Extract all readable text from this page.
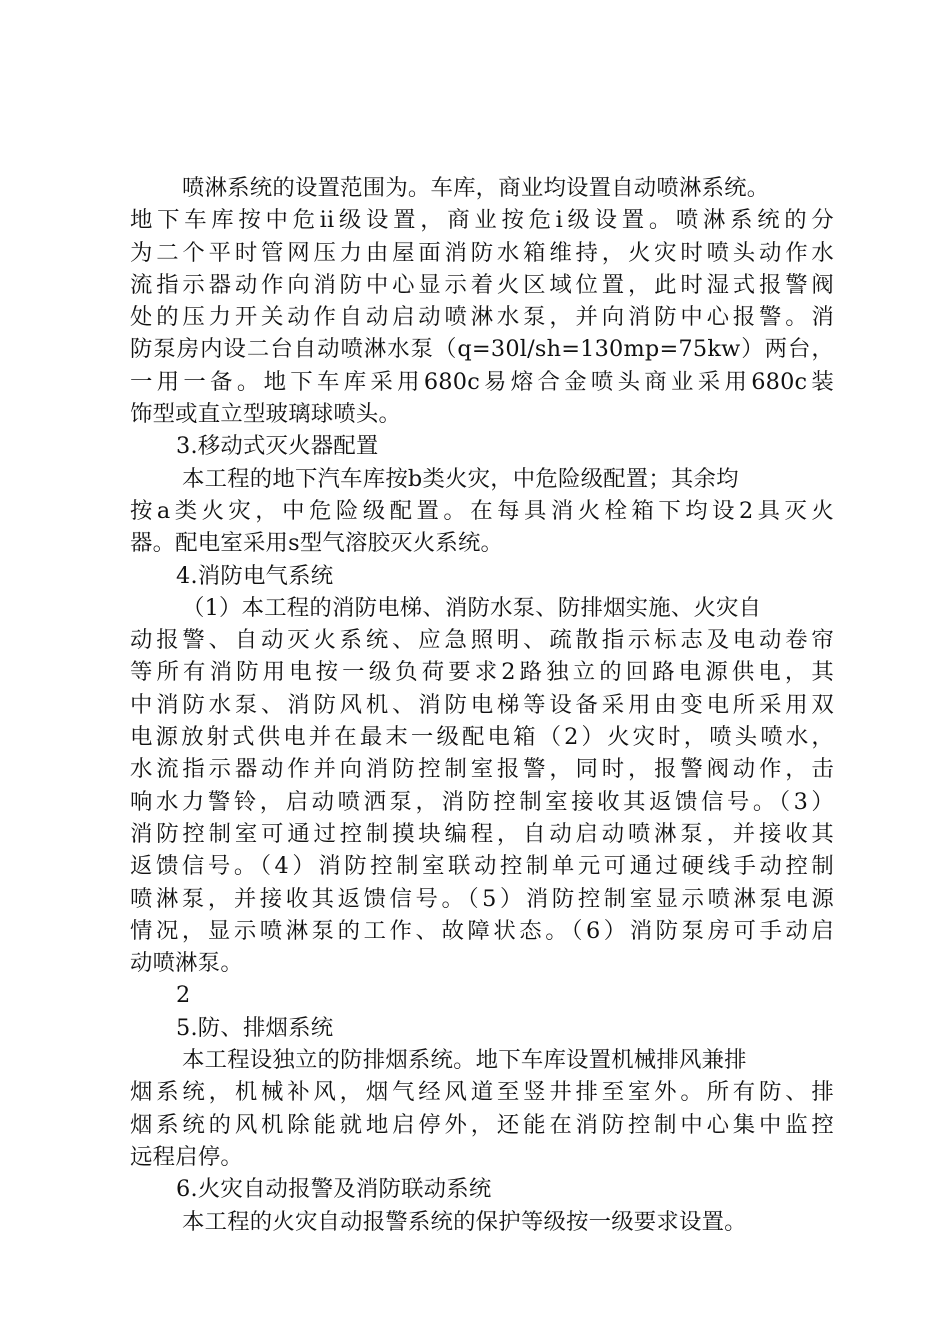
喷淋系统的设置范围为。车库，商业均设置自动喷淋系统。
地下车库按中危ii级设置，商业按危i级设置。喷淋系统的分
为二个平时管网压力由屋面消防水箱维持，火灾时喷头动作水
流指示器动作向消防中心显示着火区域位置，此时湿式报警阀
处的压力开关动作自动启动喷淋水泵，并向消防中心报警。消
防泵房内设二台自动喷淋水泵（q=30l/sh=130mp=75kw）两台，
一用一备。地下车库采用680c易熔合金喷头商业采用680c装
饰型或直立型玻璃球喷头。
3.移动式灭火器配置
本工程的地下汽车库按b类火灾，中危险级配置；其余均
按a类火灾，中危险级配置。在每具消火栓箱下均设2具灭火
器。配电室采用s型气溶胶灭火系统。
4.消防电气系统
（1）本工程的消防电梯、消防水泵、防排烟实施、火灾自
动报警、自动灭火系统、应急照明、疏散指示标志及电动卷帘
等所有消防用电按一级负荷要求2路独立的回路电源供电，其
中消防水泵、消防风机、消防电梯等设备采用由变电所采用双
电源放射式供电并在最末一级配电箱（2）火灾时，喷头喷水，
水流指示器动作并向消防控制室报警，同时，报警阀动作，击
响水力警铃，启动喷洒泵，消防控制室接收其返馈信号。（3）
消防控制室可通过控制摸块编程，自动启动喷淋泵，并接收其
返馈信号。（4）消防控制室联动控制单元可通过硬线手动控制
喷淋泵，并接收其返馈信号。（5）消防控制室显示喷淋泵电源
情况，显示喷淋泵的工作、故障状态。（6）消防泵房可手动启
动喷淋泵。
2
5.防、排烟系统
本工程设独立的防排烟系统。地下车库设置机械排风兼排
烟系统，机械补风，烟气经风道至竖井排至室外。所有防、排
烟系统的风机除能就地启停外，还能在消防控制中心集中监控
远程启停。
6.火灾自动报警及消防联动系统
本工程的火灾自动报警系统的保护等级按一级要求设置。
